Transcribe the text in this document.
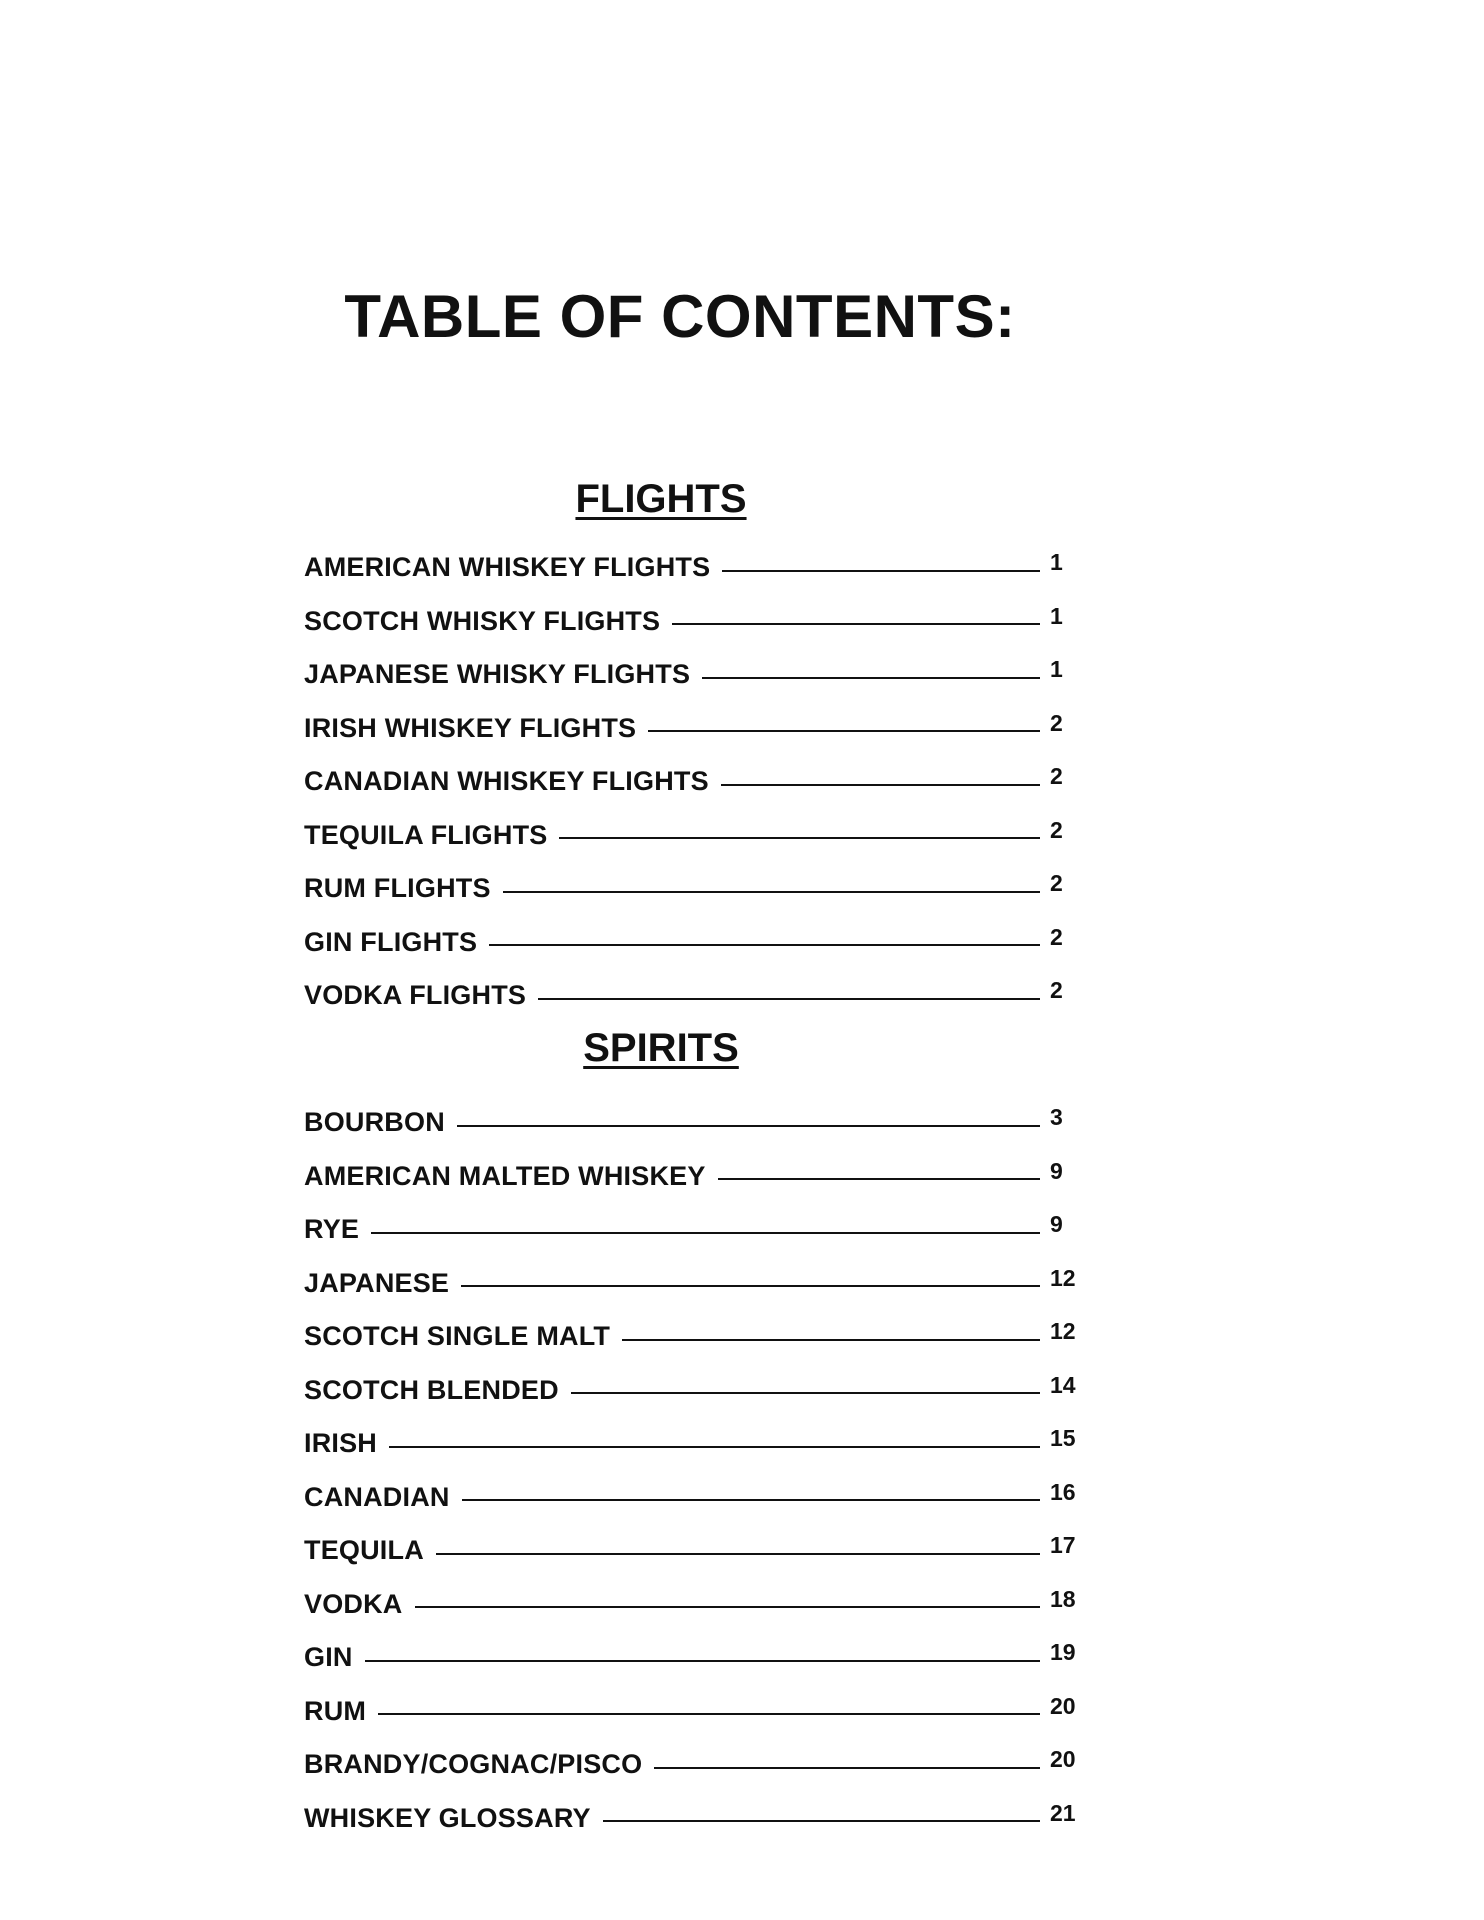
TABLE OF CONTENTS:
FLIGHTS
AMERICAN WHISKEY FLIGHTS	1
SCOTCH WHISKY FLIGHTS	1
JAPANESE WHISKY FLIGHTS	1
IRISH WHISKEY FLIGHTS	2
CANADIAN WHISKEY FLIGHTS	2
TEQUILA FLIGHTS	2
RUM FLIGHTS	2
GIN FLIGHTS	2
VODKA FLIGHTS	2
SPIRITS
BOURBON	3
AMERICAN MALTED WHISKEY	9
RYE	9
JAPANESE	12
SCOTCH SINGLE MALT	12
SCOTCH BLENDED	14
IRISH	15
CANADIAN	16
TEQUILA	17
VODKA	18
GIN	19
RUM	20
BRANDY/COGNAC/PISCO	20
WHISKEY GLOSSARY	21
